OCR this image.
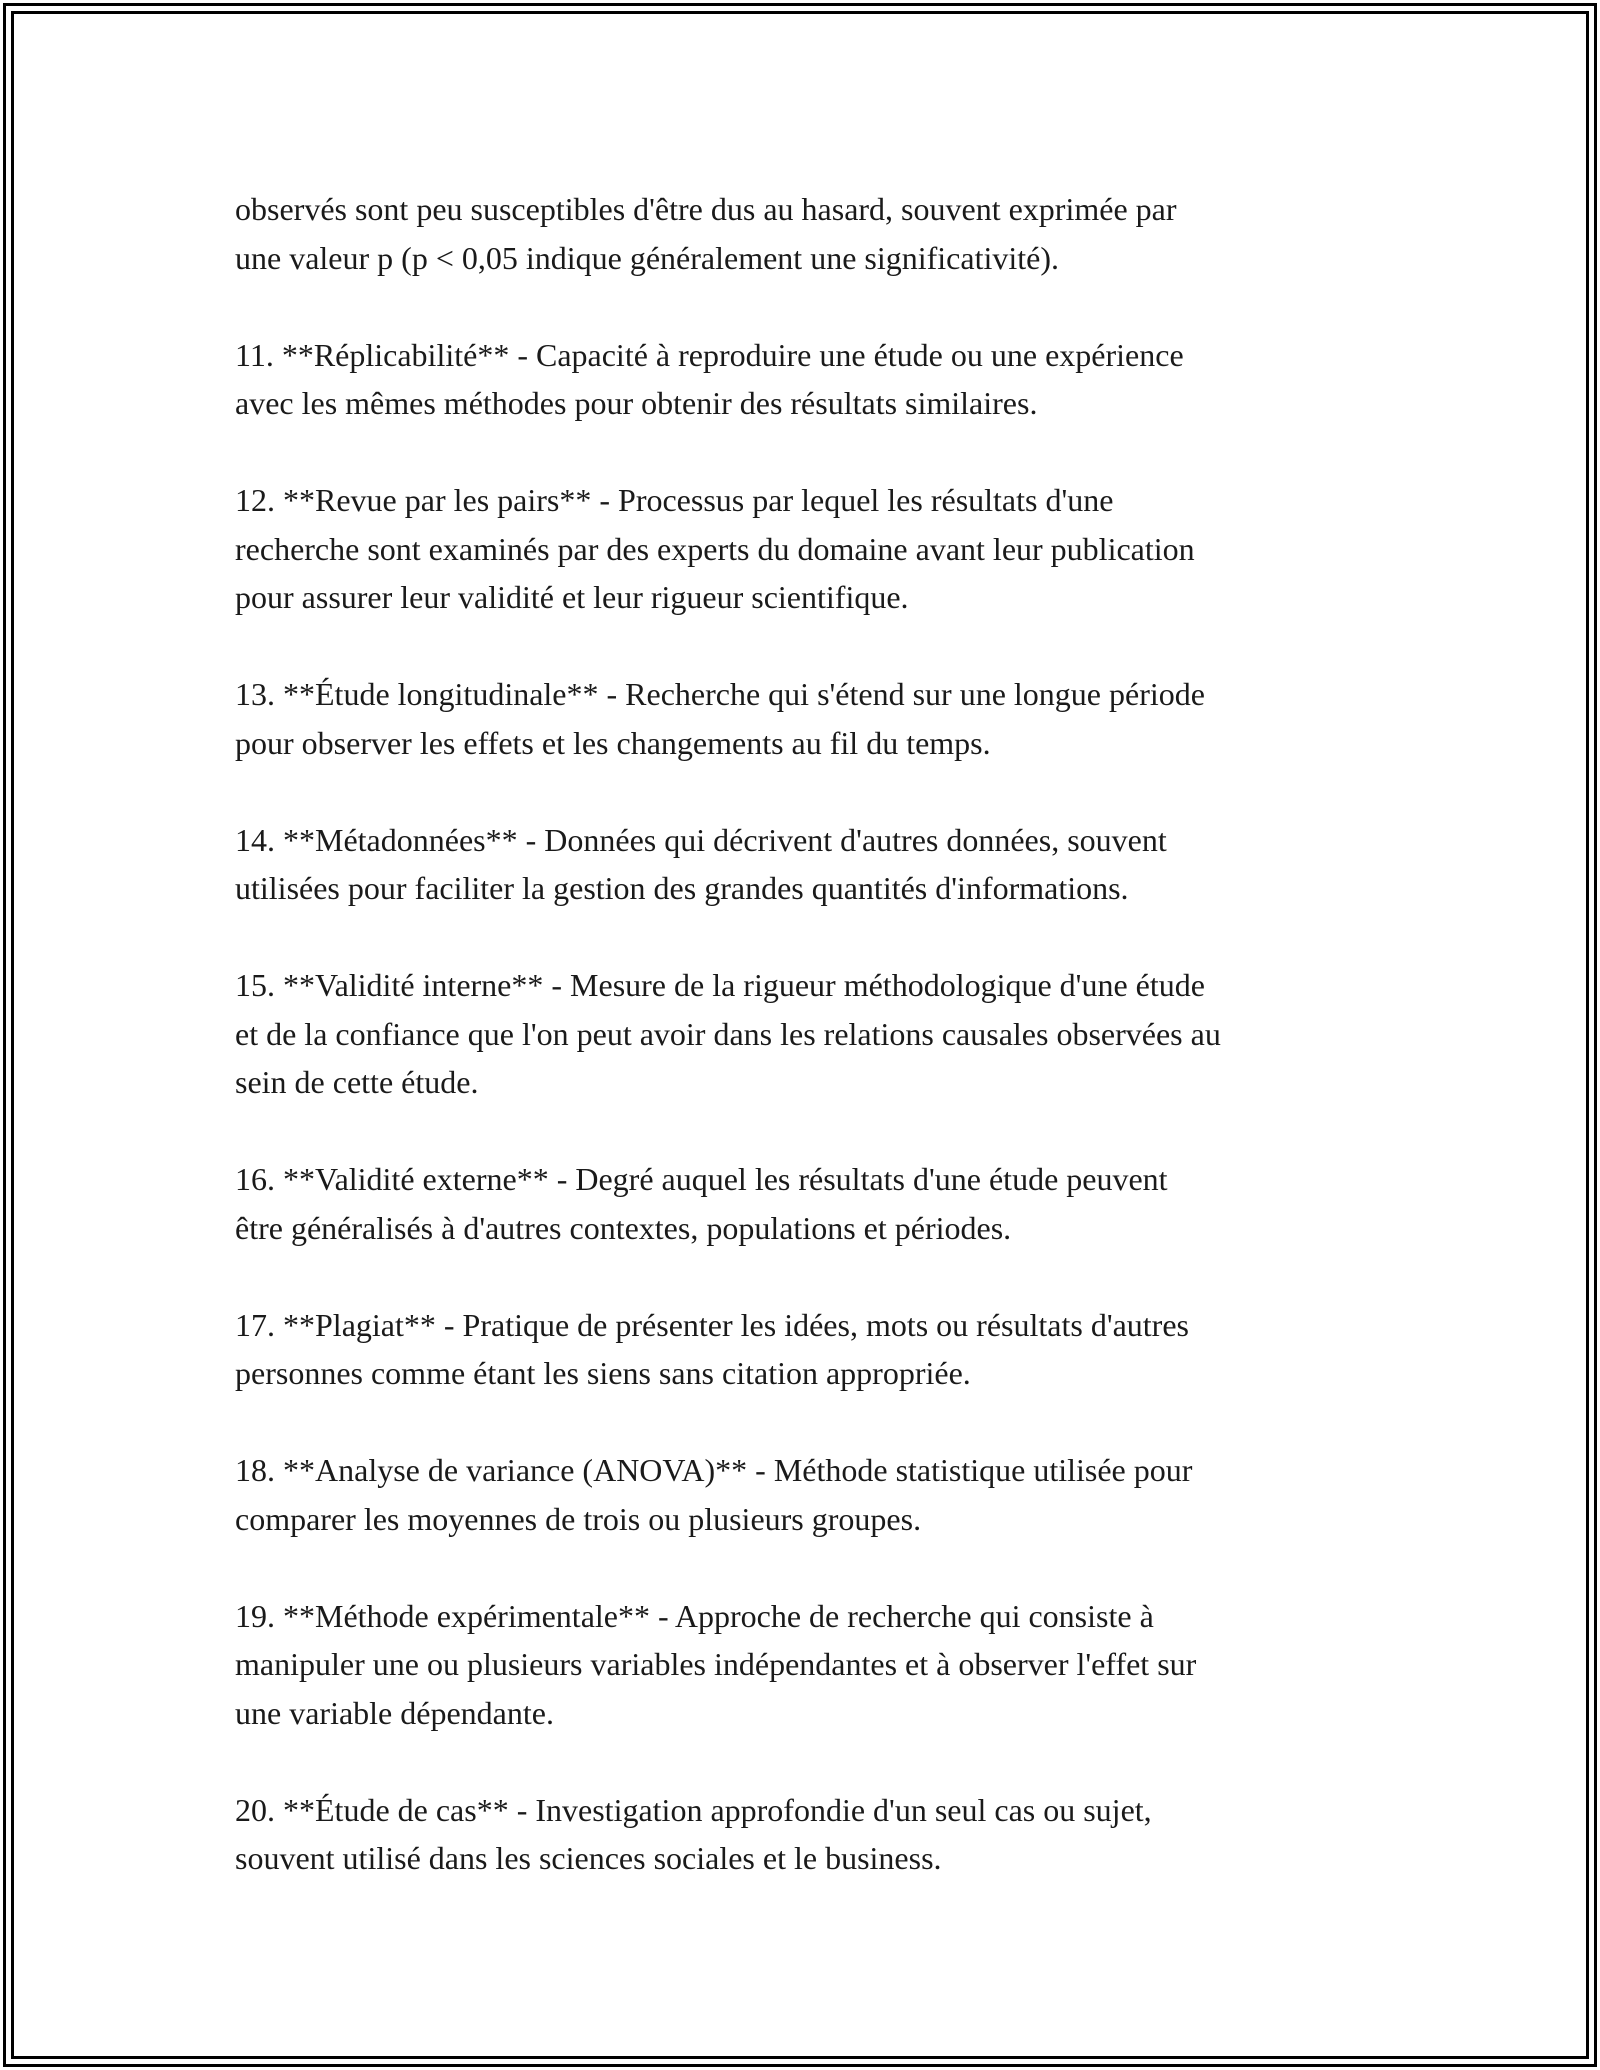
observés sont peu susceptibles d'être dus au hasard, souvent exprimée par
une valeur p (p < 0,05 indique généralement une significativité).

11. **Réplicabilité** - Capacité à reproduire une étude ou une expérience
avec les mêmes méthodes pour obtenir des résultats similaires.

12. **Revue par les pairs** - Processus par lequel les résultats d'une
recherche sont examinés par des experts du domaine avant leur publication
pour assurer leur validité et leur rigueur scientifique.

13. **Étude longitudinale** - Recherche qui s'étend sur une longue période
pour observer les effets et les changements au fil du temps.

14. **Métadonnées** - Données qui décrivent d'autres données, souvent
utilisées pour faciliter la gestion des grandes quantités d'informations.

15. **Validité interne** - Mesure de la rigueur méthodologique d'une étude
et de la confiance que l'on peut avoir dans les relations causales observées au
sein de cette étude.

16. **Validité externe** - Degré auquel les résultats d'une étude peuvent
être généralisés à d'autres contextes, populations et périodes.

17. **Plagiat** - Pratique de présenter les idées, mots ou résultats d'autres
personnes comme étant les siens sans citation appropriée.

18. **Analyse de variance (ANOVA)** - Méthode statistique utilisée pour
comparer les moyennes de trois ou plusieurs groupes.

19. **Méthode expérimentale** - Approche de recherche qui consiste à
manipuler une ou plusieurs variables indépendantes et à observer l'effet sur
une variable dépendante.

20. **Étude de cas** - Investigation approfondie d'un seul cas ou sujet,
souvent utilisé dans les sciences sociales et le business.
